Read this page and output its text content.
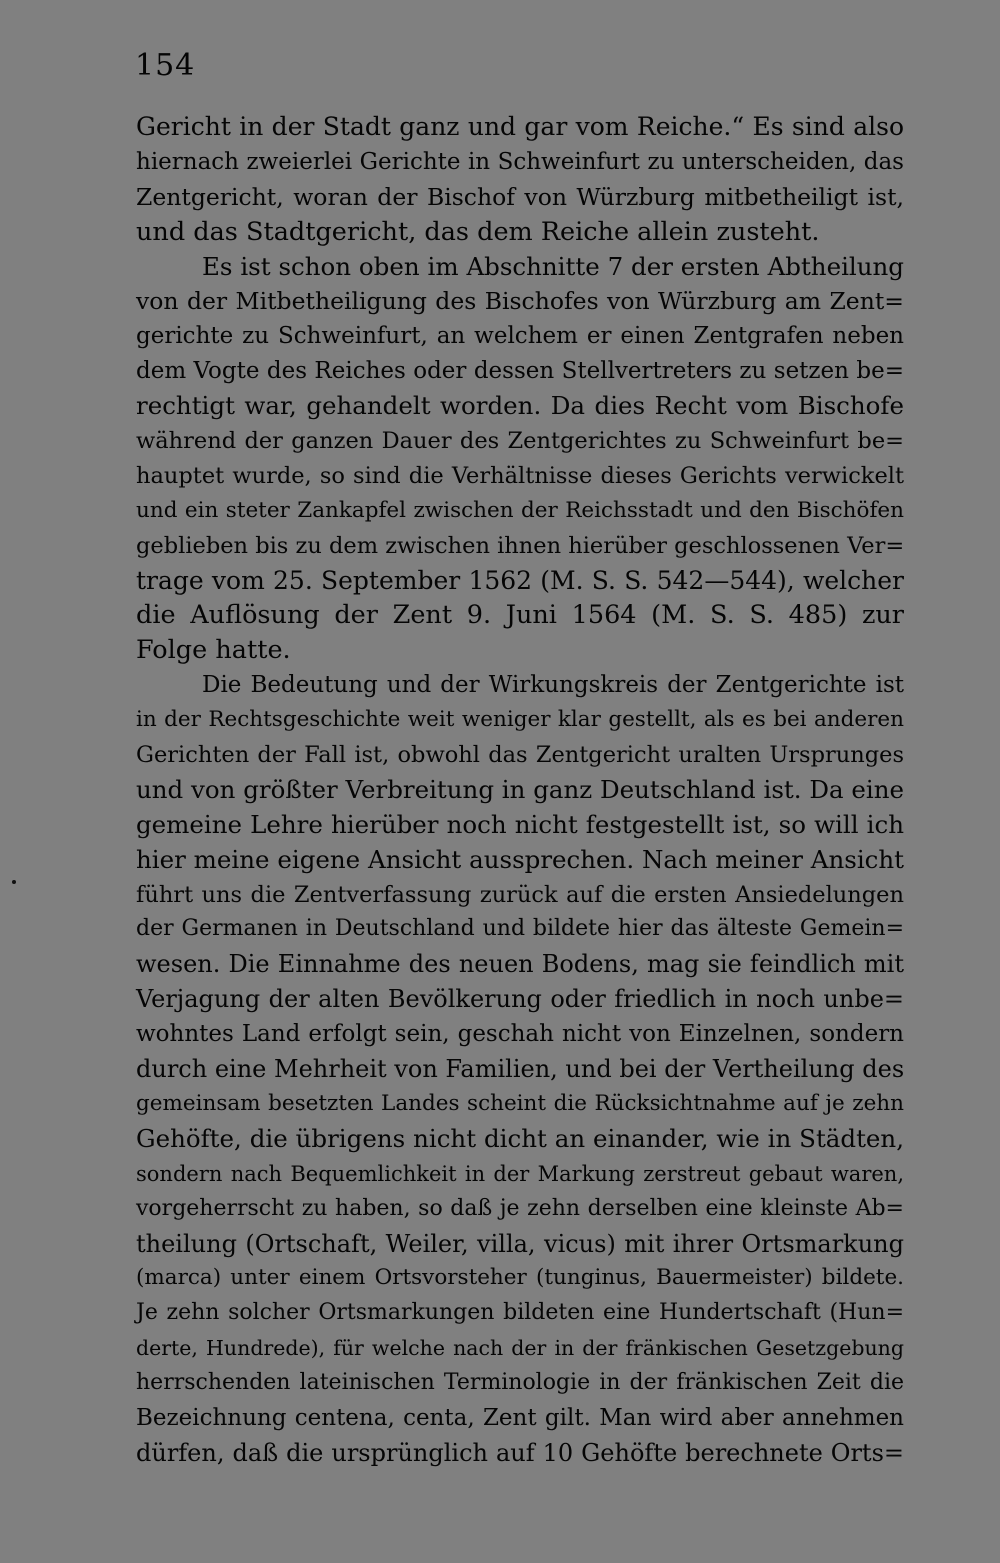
154
Gericht in der Stadt ganz und gar vom Reiche.“ Es sind also
hiernach zweierlei Gerichte in Schweinfurt zu unterscheiden, das
Zentgericht, woran der Bischof von Würzburg mitbetheiligt ist,
und das Stadtgericht, das dem Reiche allein zusteht.
Es ist schon oben im Abschnitte 7 der ersten Abtheilung
von der Mitbetheiligung des Bischofes von Würzburg am Zent=
gerichte zu Schweinfurt, an welchem er einen Zentgrafen neben
dem Vogte des Reiches oder dessen Stellvertreters zu setzen be=
rechtigt war, gehandelt worden. Da dies Recht vom Bischofe
während der ganzen Dauer des Zentgerichtes zu Schweinfurt be=
hauptet wurde, so sind die Verhältnisse dieses Gerichts verwickelt
und ein steter Zankapfel zwischen der Reichsstadt und den Bischöfen
geblieben bis zu dem zwischen ihnen hierüber geschlossenen Ver=
trage vom 25. September 1562 (M. S. S. 542—544), welcher
die Auflösung der Zent 9. Juni 1564 (M. S. S. 485) zur
Folge hatte.
Die Bedeutung und der Wirkungskreis der Zentgerichte ist
in der Rechtsgeschichte weit weniger klar gestellt, als es bei anderen
Gerichten der Fall ist, obwohl das Zentgericht uralten Ursprunges
und von größter Verbreitung in ganz Deutschland ist. Da eine
gemeine Lehre hierüber noch nicht festgestellt ist, so will ich
hier meine eigene Ansicht aussprechen. Nach meiner Ansicht
führt uns die Zentverfassung zurück auf die ersten Ansiedelungen
der Germanen in Deutschland und bildete hier das älteste Gemein=
wesen. Die Einnahme des neuen Bodens, mag sie feindlich mit
Verjagung der alten Bevölkerung oder friedlich in noch unbe=
wohntes Land erfolgt sein, geschah nicht von Einzelnen, sondern
durch eine Mehrheit von Familien, und bei der Vertheilung des
gemeinsam besetzten Landes scheint die Rücksichtnahme auf je zehn
Gehöfte, die übrigens nicht dicht an einander, wie in Städten,
sondern nach Bequemlichkeit in der Markung zerstreut gebaut waren,
vorgeherrscht zu haben, so daß je zehn derselben eine kleinste Ab=
theilung (Ortschaft, Weiler, villa, vicus) mit ihrer Ortsmarkung
(marca) unter einem Ortsvorsteher (tunginus, Bauermeister) bildete.
Je zehn solcher Ortsmarkungen bildeten eine Hundertschaft (Hun=
derte, Hundrede), für welche nach der in der fränkischen Gesetzgebung
herrschenden lateinischen Terminologie in der fränkischen Zeit die
Bezeichnung centena, centa, Zent gilt. Man wird aber annehmen
dürfen, daß die ursprünglich auf 10 Gehöfte berechnete Orts=
